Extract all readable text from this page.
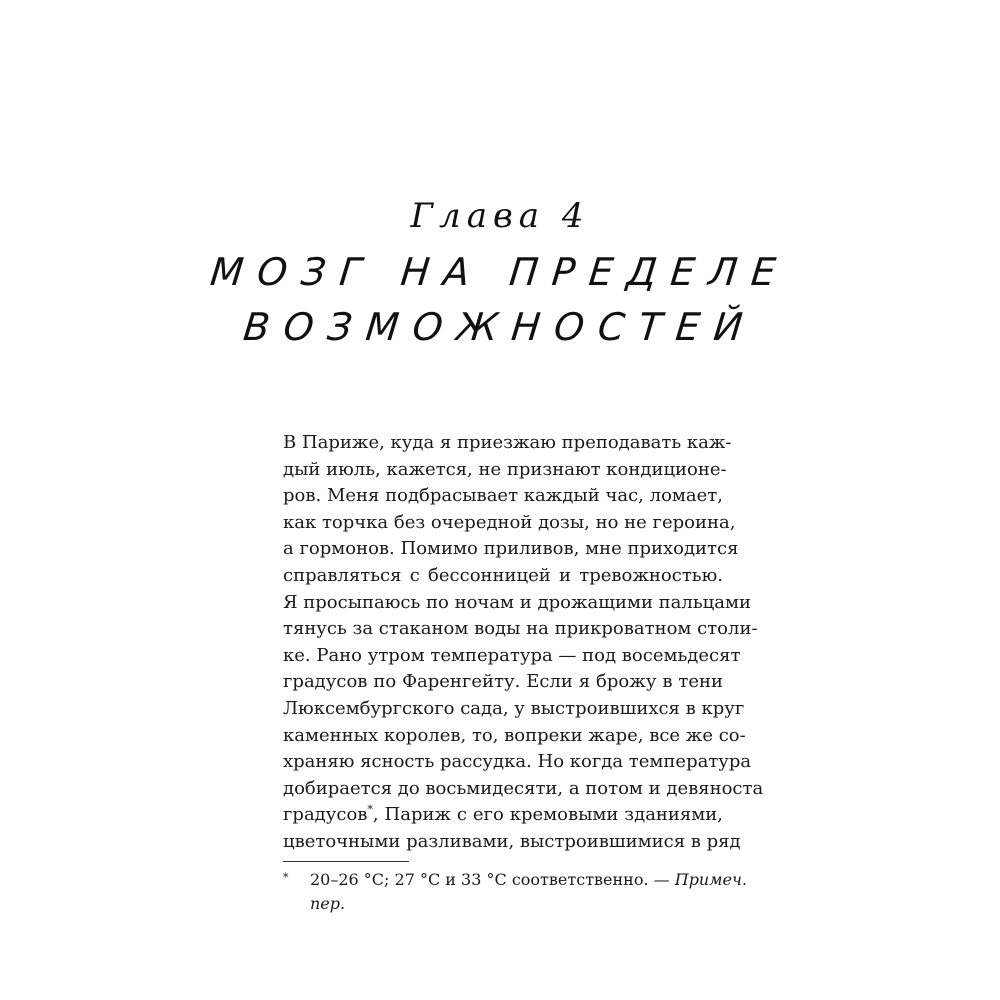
Глава 4
МОЗГ НА ПРЕДЕЛЕ
ВОЗМОЖНОСТЕЙ
В Париже, куда я приезжаю преподавать каж-
дый июль, кажется, не признают кондиционе-
ров. Меня подбрасывает каждый час, ломает,
как торчка без очередной дозы, но не героина,
а гормонов. Помимо приливов, мне приходится
справляться с бессонницей и тревожностью.
Я просыпаюсь по ночам и дрожащими пальцами
тянусь за стаканом воды на прикроватном столи-
ке. Рано утром температура — под восемьдесят
градусов по Фаренгейту. Если я брожу в тени
Люксембургского сада, у выстроившихся в круг
каменных королев, то, вопреки жаре, все же со-
храняю ясность рассудка. Но когда температура
добирается до восьмидесяти, а потом и девяноста
градусов*, Париж с его кремовыми зданиями,
цветочными разливами, выстроившимися в ряд
*	20–26 °C; 27 °C и 33 °C соответственно. — Примеч.
пер.
